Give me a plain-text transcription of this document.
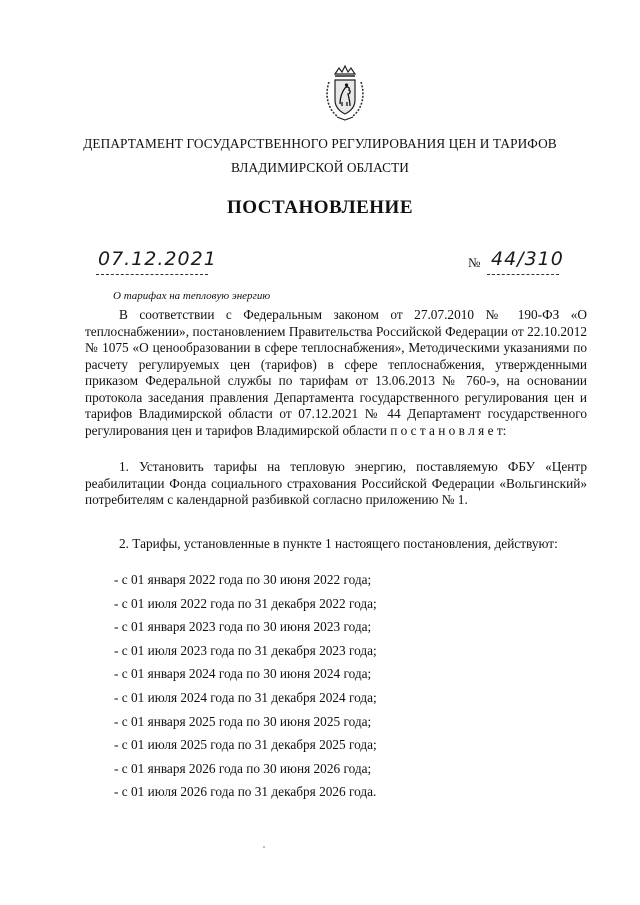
ДЕПАРТАМЕНТ ГОСУДАРСТВЕННОГО РЕГУЛИРОВАНИЯ ЦЕН И ТАРИФОВ
ВЛАДИМИРСКОЙ ОБЛАСТИ
ПОСТАНОВЛЕНИЕ
07.12.2021	№ 44/310
О тарифах на тепловую энергию

В соответствии с Федеральным законом от 27.07.2010 № 190-ФЗ «О теплоснабжении», постановлением Правительства Российской Федерации от 22.10.2012 № 1075 «О ценообразовании в сфере теплоснабжения», Методическими указаниями по расчету регулируемых цен (тарифов) в сфере теплоснабжения, утвержденными приказом Федеральной службы по тарифам от 13.06.2013 № 760-э, на основании протокола заседания правления Департамента государственного регулирования цен и тарифов Владимирской области от 07.12.2021 № 44 Департамент государственного регулирования цен и тарифов Владимирской области п о с т а н о в л я е т:

1. Установить тарифы на тепловую энергию, поставляемую ФБУ «Центр реабилитации Фонда социального страхования Российской Федерации «Вольгинский» потребителям с календарной разбивкой согласно приложению № 1.

2. Тарифы, установленные в пункте 1 настоящего постановления, действуют:

- с 01 января 2022 года по 30 июня 2022 года;
- с 01 июля 2022 года по 31 декабря 2022 года;
- с 01 января 2023 года по 30 июня 2023 года;
- с 01 июля 2023 года по 31 декабря 2023 года;
- с 01 января 2024 года по 30 июня 2024 года;
- с 01 июля 2024 года по 31 декабря 2024 года;
- с 01 января 2025 года по 30 июня 2025 года;
- с 01 июля 2025 года по 31 декабря 2025 года;
- с 01 января 2026 года по 30 июня 2026 года;
- с 01 июля 2026 года по 31 декабря 2026 года.
